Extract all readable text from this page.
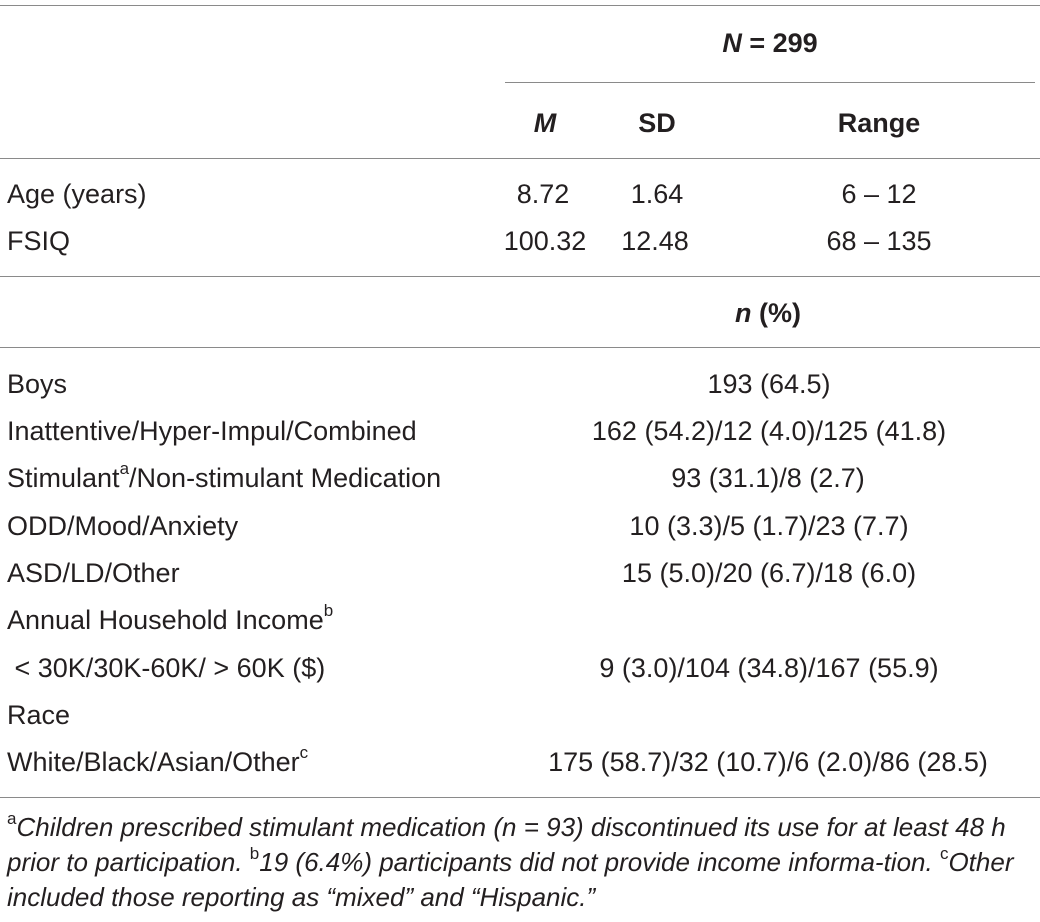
N = 299
M	SD	Range
Age (years)	8.72 1.64	6 – 12
FSIQ	100.32 12.48	68 – 135
n (%)
Boys	193 (64.5)
Inattentive/Hyper-Impul/Combined	162 (54.2)/12 (4.0)/125 (41.8)
Stimulant$^a$/Non-stimulant Medication	93 (31.1)/8 (2.7)
ODD/Mood/Anxiety	10 (3.3)/5 (1.7)/23 (7.7)
ASD/LD/Other	15 (5.0)/20 (6.7)/18 (6.0)
Annual Household Income$^b$
< 30K/30K-60K/ > 60K ($)	9 (3.0)/104 (34.8)/167 (55.9)
Race
White/Black/Asian/Other$^c$	175 (58.7)/32 (10.7)/6 (2.0)/86 (28.5)
$^a$Children prescribed stimulant medication (n = 93) discontinued its use for at least 48 h prior to participation. $^b$19 (6.4%) participants did not provide income informa-tion. $^c$Other included those reporting as “mixed” and “Hispanic.”
